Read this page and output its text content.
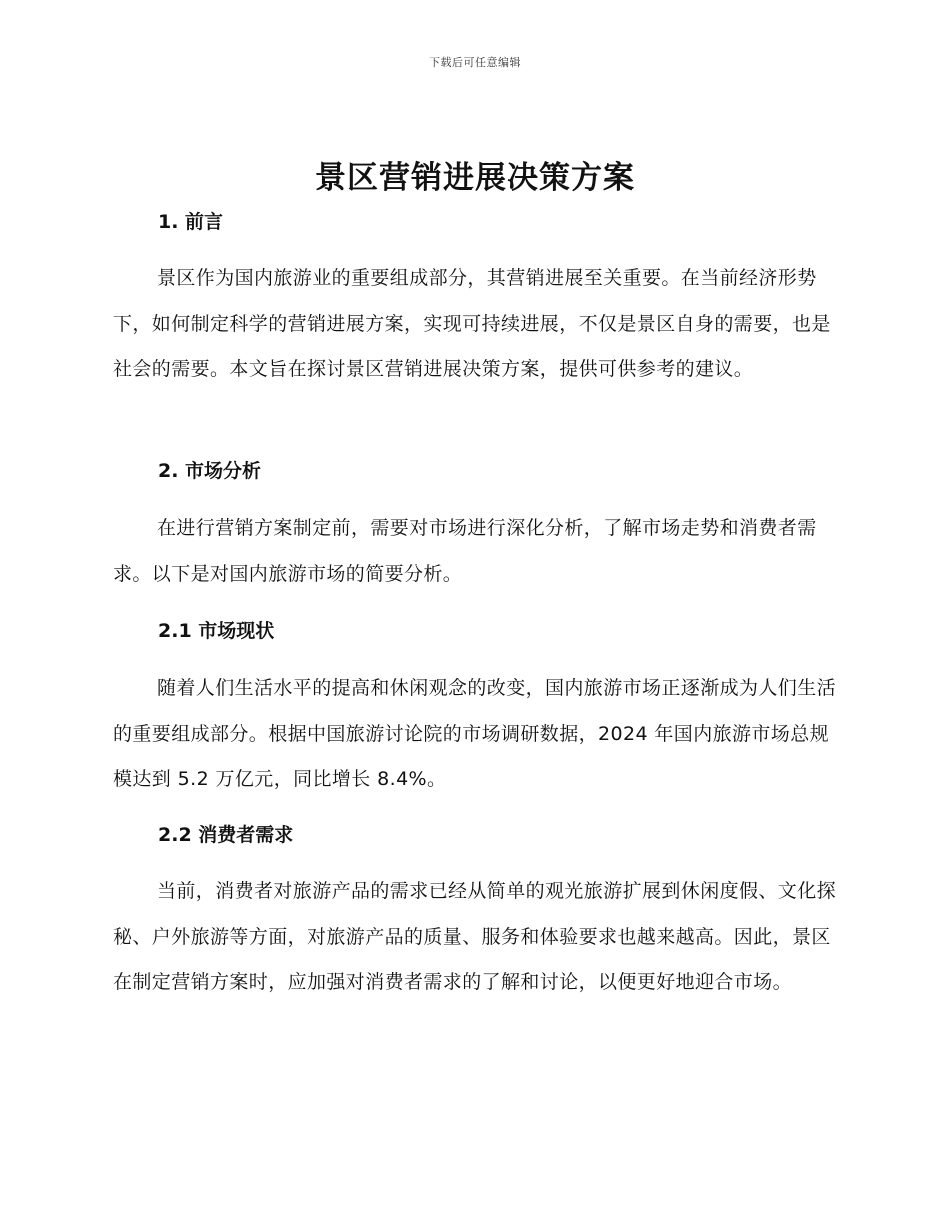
下载后可任意编辑
景区营销进展决策方案
1. 前言

景区作为国内旅游业的重要组成部分，其营销进展至关重要。在当前经济形势下，如何制定科学的营销进展方案，实现可持续进展，不仅是景区自身的需要，也是社会的需要。本文旨在探讨景区营销进展决策方案，提供可供参考的建议。

2. 市场分析

在进行营销方案制定前，需要对市场进行深化分析，了解市场走势和消费者需求。以下是对国内旅游市场的简要分析。

2.1 市场现状

随着人们生活水平的提高和休闲观念的改变，国内旅游市场正逐渐成为人们生活的重要组成部分。根据中国旅游讨论院的市场调研数据，2024 年国内旅游市场总规模达到 5.2 万亿元，同比增长 8.4%。

2.2 消费者需求

当前，消费者对旅游产品的需求已经从简单的观光旅游扩展到休闲度假、文化探秘、户外旅游等方面，对旅游产品的质量、服务和体验要求也越来越高。因此，景区在制定营销方案时，应加强对消费者需求的了解和讨论，以便更好地迎合市场。
